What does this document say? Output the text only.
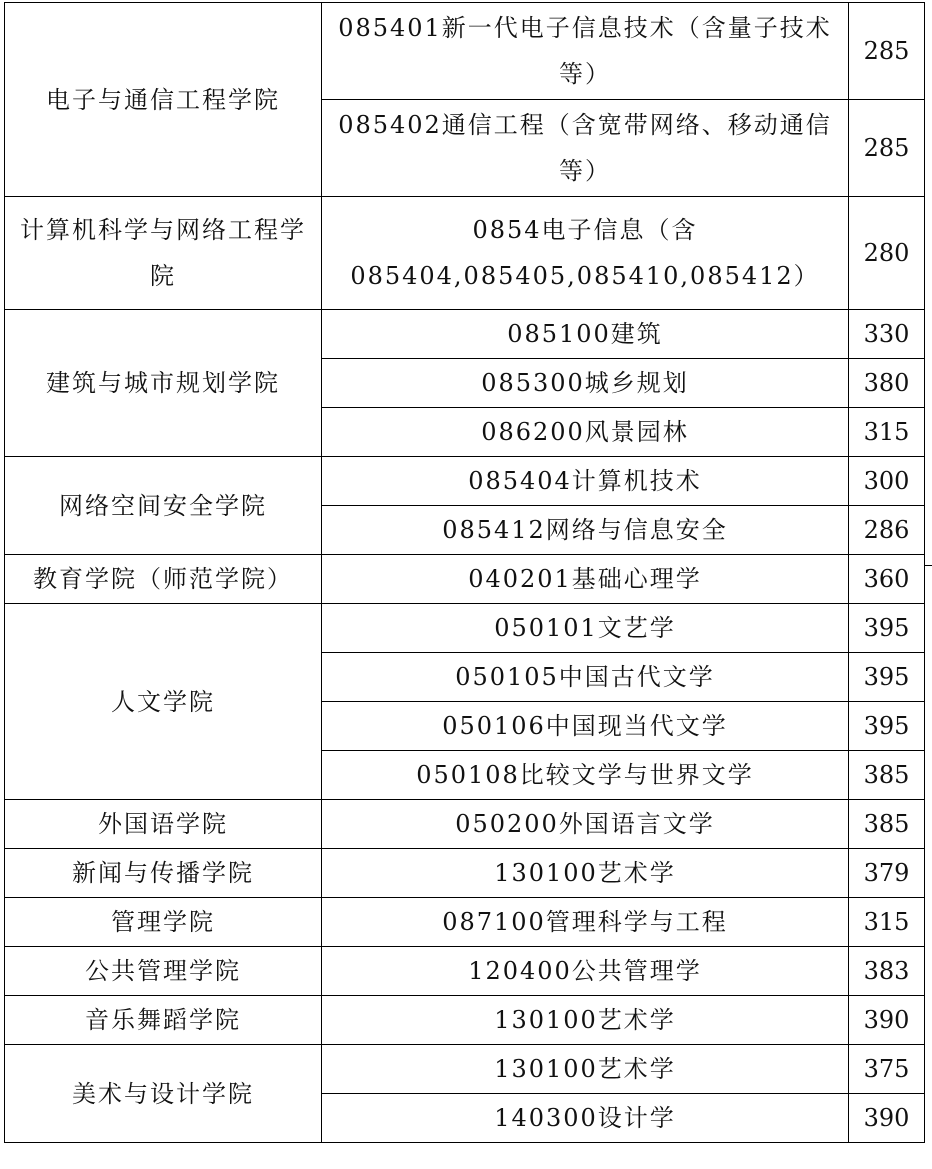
电子与通信工程学院	085401新一代电子信息技术（含量子技术等）	285
	085402通信工程（含宽带网络、移动通信等）	285
计算机科学与网络工程学院	0854电子信息（含085404,085405,085410,085412）	280
建筑与城市规划学院	085100建筑	330
	085300城乡规划	380
	086200风景园林	315
网络空间安全学院	085404计算机技术	300
	085412网络与信息安全	286
教育学院（师范学院）	040201基础心理学	360
人文学院	050101文艺学	395
	050105中国古代文学	395
	050106中国现当代文学	395
	050108比较文学与世界文学	385
外国语学院	050200外国语言文学	385
新闻与传播学院	130100艺术学	379
管理学院	087100管理科学与工程	315
公共管理学院	120400公共管理学	383
音乐舞蹈学院	130100艺术学	390
美术与设计学院	130100艺术学	375
	140300设计学	390
